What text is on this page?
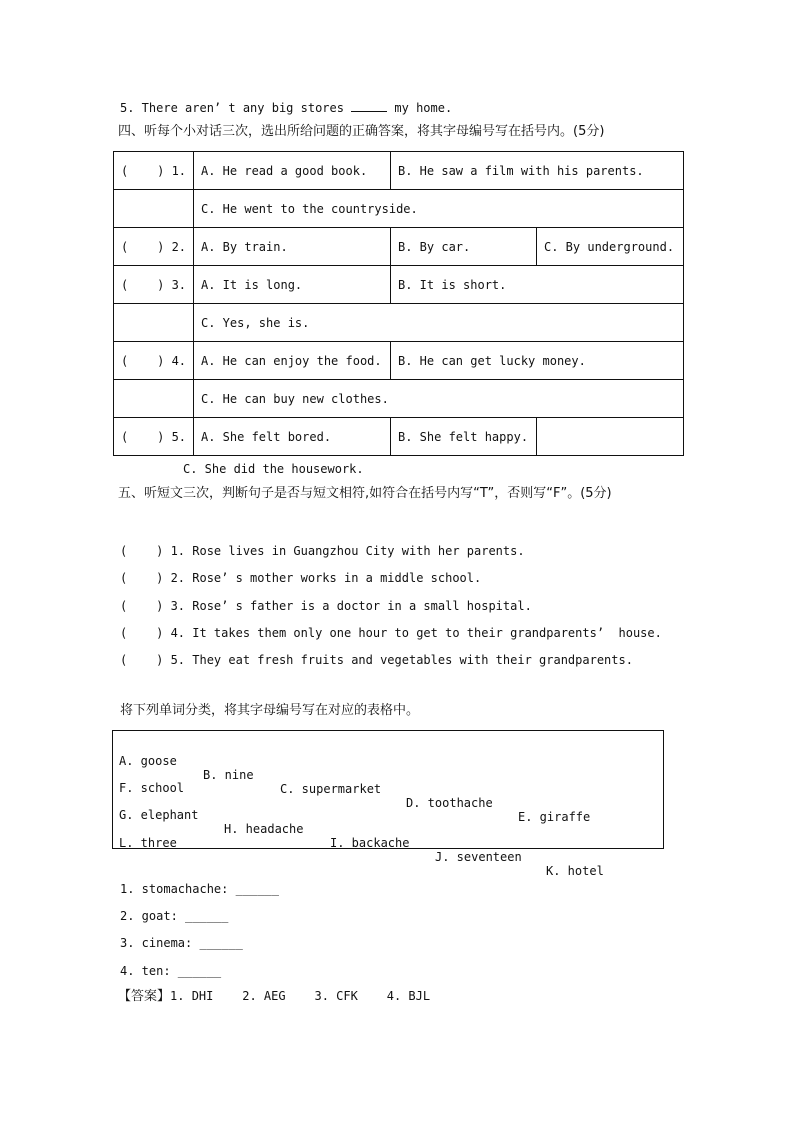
5. There aren’ t any big stores	my home.
四、听每个小对话三次，选出所给问题的正确答案，将其字母编号写在括号内。(5分)
(    ) 1.	A. He read a good book.	B. He saw a film with his parents.	
	C. He went to the countryside.		
(    ) 2.	A. By train.	B. By car.	C. By underground.
(    ) 3.	A. It is long.	B. It is short.	
	C. Yes, she is.		
(    ) 4.	A. He can enjoy the food.	B. He can get lucky money.	
	C. He can buy new clothes.		
(    ) 5.	A. She felt bored.	B. She felt happy.	
C. She did the housework.
五、听短文三次，判断句子是否与短文相符,如符合在括号内写“T”，否则写“F”。(5分)
(    ) 1. Rose lives in Guangzhou City with her parents.
(    ) 2. Rose’ s mother works in a middle school.
(    ) 3. Rose’ s father is a doctor in a small hospital.
(    ) 4. It takes them only one hour to get to their grandparents’  house.
(    ) 5. They eat fresh fruits and vegetables with their grandparents.
将下列单词分类，将其字母编号写在对应的表格中。

A. goose

B. nine

C. supermarket

D. toothache

E. giraffe

F. school

G. elephant

H. headache

I. backache

J. seventeen

K. hotel

L. three

1. stomachache: ______
2. goat: ______
3. cinema: ______
4. ten: ______
【答案】1. DHI    2. AEG    3. CFK    4. BJL
